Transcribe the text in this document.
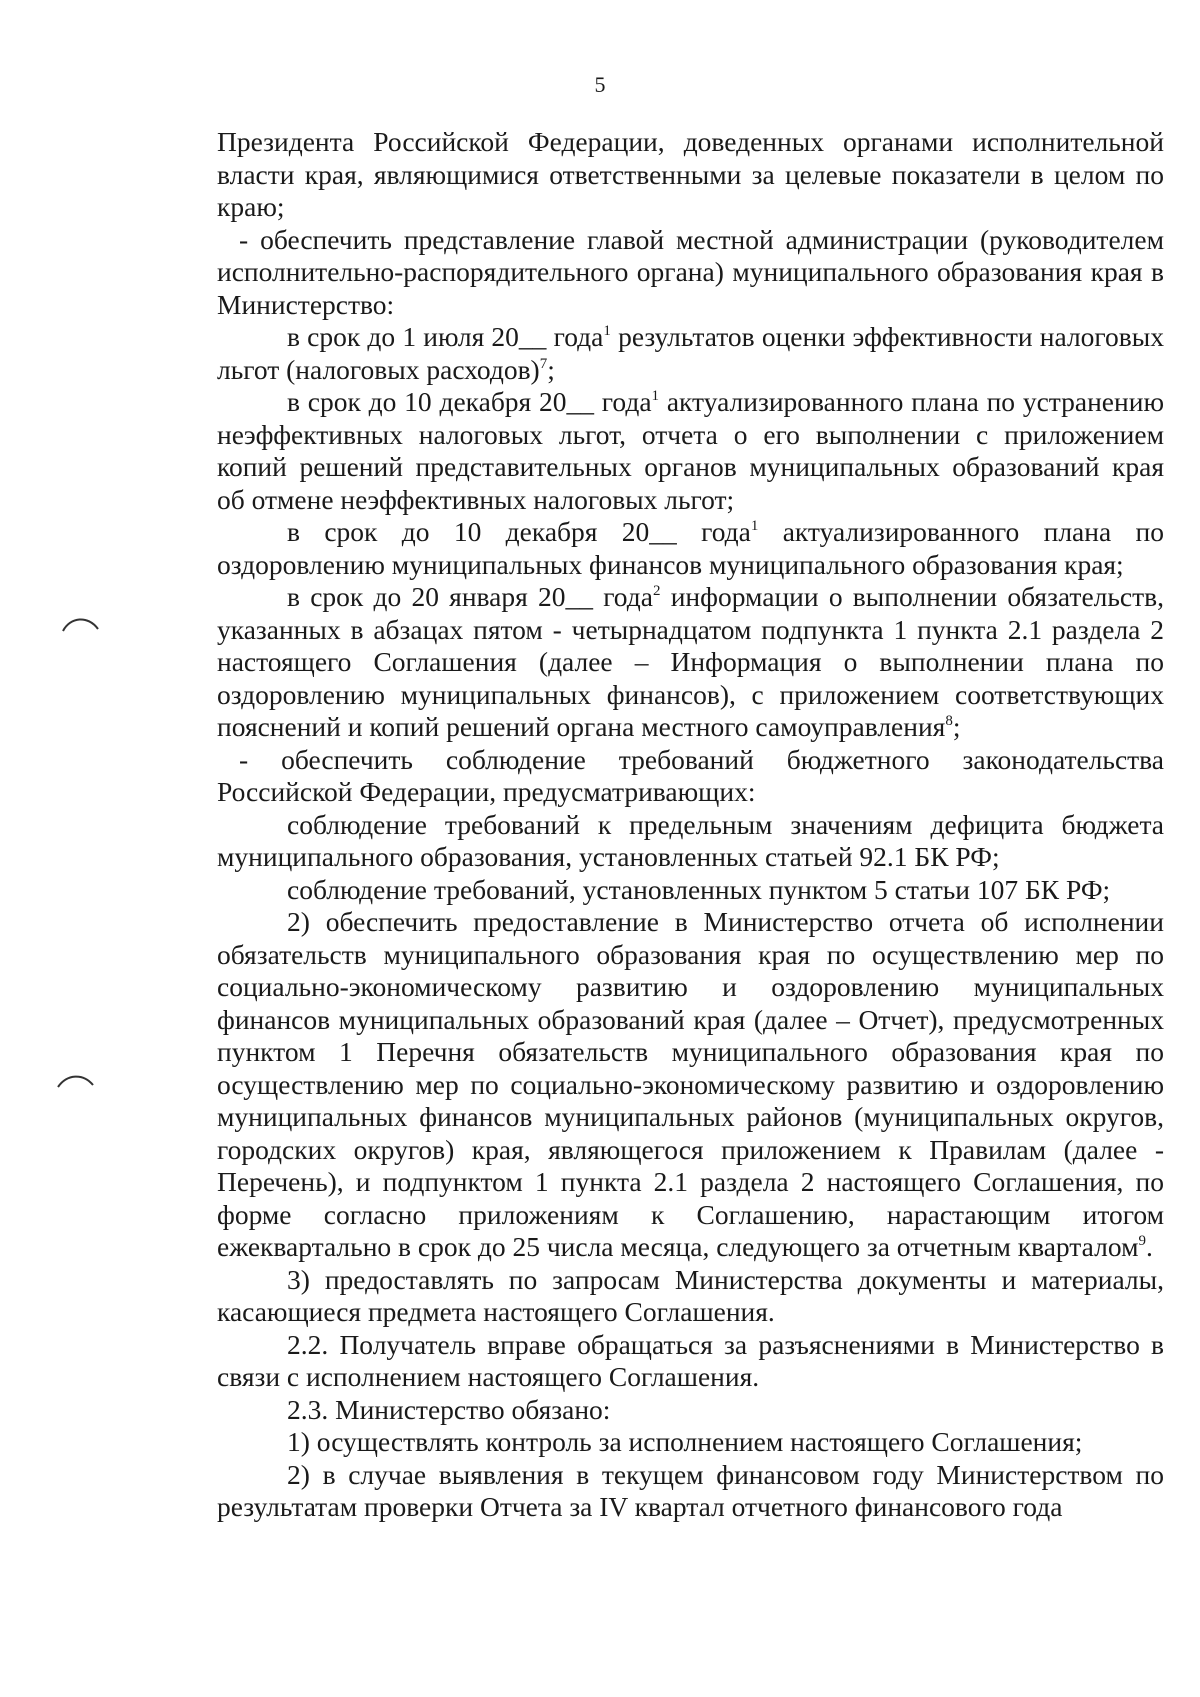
5

Президента Российской Федерации, доведенных органами исполнительной власти края, являющимися ответственными за целевые показатели в целом по краю;

- обеспечить представление главой местной администрации (руководителем исполнительно-распорядительного органа) муниципального образования края в Министерство:

в срок до 1 июля 20__ года$^1$ результатов оценки эффективности налоговых льгот (налоговых расходов)$^7$;

в срок до 10 декабря 20__ года$^1$ актуализированного плана по устранению неэффективных налоговых льгот, отчета о его выполнении с приложением копий решений представительных органов муниципальных образований края об отмене неэффективных налоговых льгот;

в срок до 10 декабря 20__ года$^1$ актуализированного плана по оздоровлению муниципальных финансов муниципального образования края;

в срок до 20 января 20__ года$^2$ информации о выполнении обязательств, указанных в абзацах пятом - четырнадцатом подпункта 1 пункта 2.1 раздела 2 настоящего Соглашения (далее – Информация о выполнении плана по оздоровлению муниципальных финансов), с приложением соответствующих пояснений и копий решений органа местного самоуправления$^8$;

- обеспечить соблюдение требований бюджетного законодательства Российской Федерации, предусматривающих:

соблюдение требований к предельным значениям дефицита бюджета муниципального образования, установленных статьей 92.1 БК РФ;

соблюдение требований, установленных пунктом 5 статьи 107 БК РФ;

2) обеспечить предоставление в Министерство отчета об исполнении обязательств муниципального образования края по осуществлению мер по социально-экономическому развитию и оздоровлению муниципальных финансов муниципальных образований края (далее – Отчет), предусмотренных пунктом 1 Перечня обязательств муниципального образования края по осуществлению мер по социально-экономическому развитию и оздоровлению муниципальных финансов муниципальных районов (муниципальных округов, городских округов) края, являющегося приложением к Правилам (далее - Перечень), и подпунктом 1 пункта 2.1 раздела 2 настоящего Соглашения, по форме согласно приложениям к Соглашению, нарастающим итогом ежеквартально в срок до 25 числа месяца, следующего за отчетным кварталом$^9$.

3) предоставлять по запросам Министерства документы и материалы, касающиеся предмета настоящего Соглашения.

2.2. Получатель вправе обращаться за разъяснениями в Министерство в связи с исполнением настоящего Соглашения.

2.3. Министерство обязано:

1) осуществлять контроль за исполнением настоящего Соглашения;

2) в случае выявления в текущем финансовом году Министерством по результатам проверки Отчета за IV квартал отчетного финансового года
